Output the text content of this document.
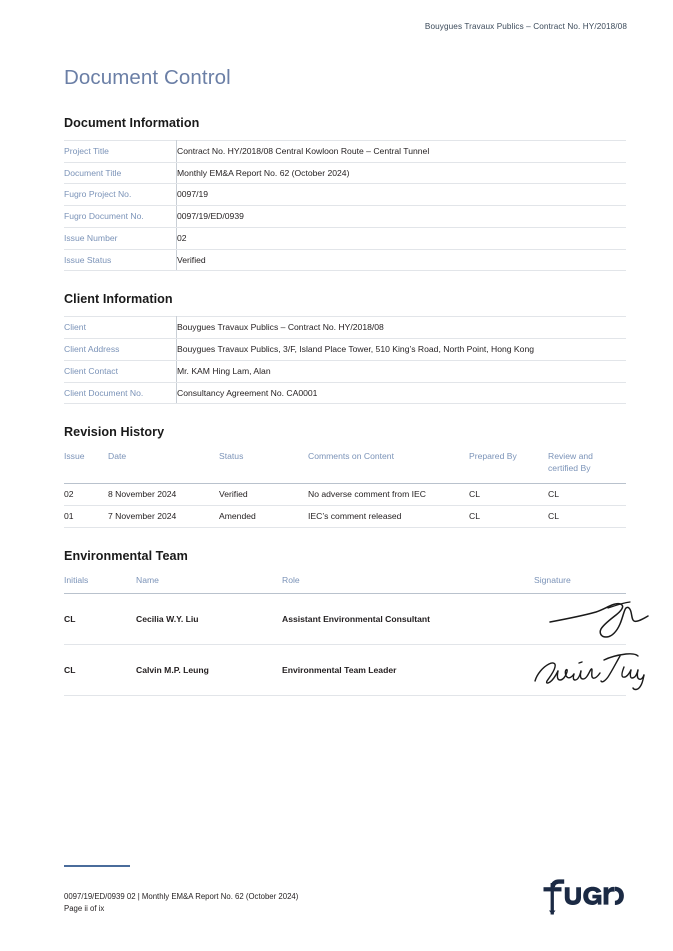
Bouygues Travaux Publics – Contract No. HY/2018/08
Document Control
Document Information
Project Title	Contract No. HY/2018/08 Central Kowloon Route – Central Tunnel
Document Title	Monthly EM&A Report No. 62 (October 2024)
Fugro Project No.	0097/19
Fugro Document No.	0097/19/ED/0939
Issue Number	02
Issue Status	Verified
Client Information
Client	Bouygues Travaux Publics – Contract No. HY/2018/08
Client Address	Bouygues Travaux Publics, 3/F, Island Place Tower, 510 King’s Road, North Point, Hong Kong
Client Contact	Mr. KAM Hing Lam, Alan
Client Document No.	Consultancy Agreement No. CA0001
Revision History
Issue	Date	Status	Comments on Content	Prepared By	Review and certified By
02	8 November 2024	Verified	No adverse comment from IEC	CL	CL
01	7 November 2024	Amended	IEC’s comment released	CL	CL
Environmental Team
Initials	Name	Role	Signature
CL	Cecilia W.Y. Liu	Assistant Environmental Consultant	

CL	Calvin M.P. Leung	Environmental Team Leader	
0097/19/ED/0939 02 | Monthly EM&A Report No. 62 (October 2024)
Page ii of ix
